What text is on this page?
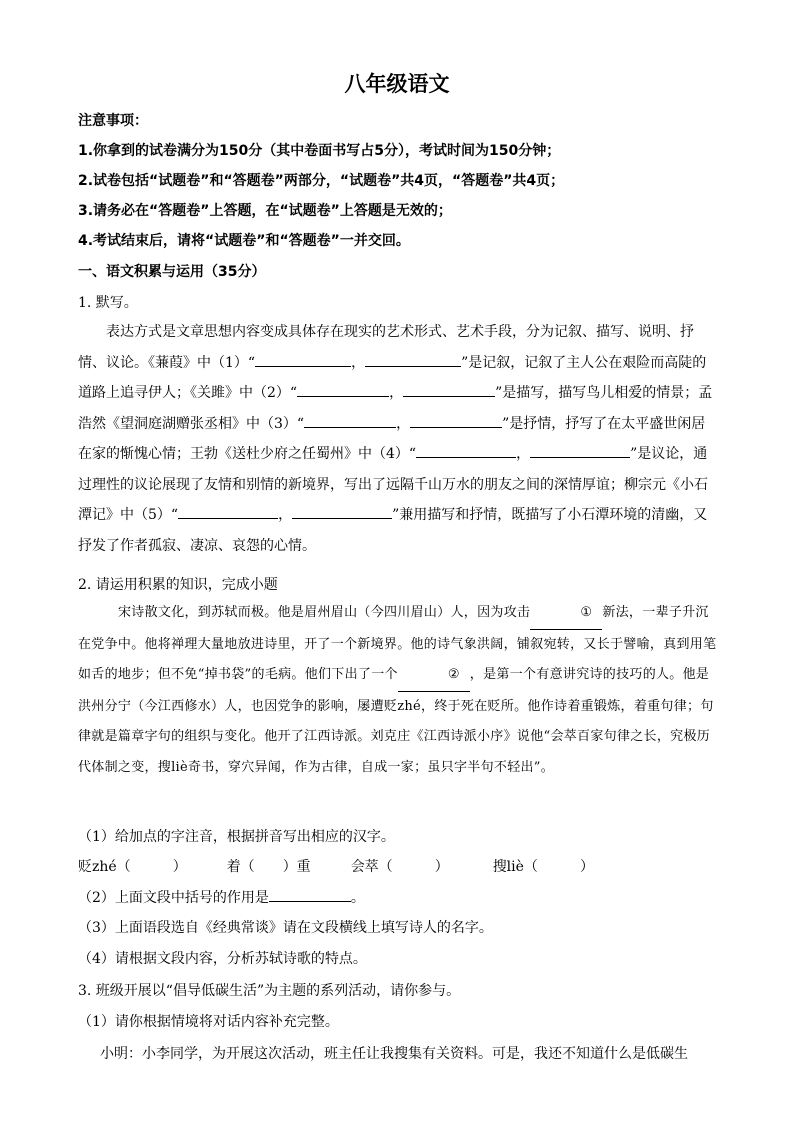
八年级语文
注意事项：
1.你拿到的试卷满分为150分（其中卷面书写占5分），考试时间为150分钟；
2.试卷包括“试题卷”和“答题卷”两部分，“试题卷”共4页，“答题卷”共4页；
3.请务必在“答题卷”上答题，在“试题卷”上答题是无效的；
4.考试结束后，请将“试题卷”和“答题卷”一并交回。
一、语文积累与运用（35分）
1. 默写。
表达方式是文章思想内容变成具体存在现实的艺术形式、艺术手段，分为记叙、描写、说明、抒情、议论。《蒹葭》中（1）“	，	”是记叙，记叙了主人公在艰险而高陡的道路上追寻伊人；《关雎》中（2）“	，	”是描写，描写鸟儿相爱的情景；孟浩然《望洞庭湖赠张丞相》中（3）“	，	”是抒情，抒写了在太平盛世闲居在家的惭愧心情；王勃《送杜少府之任蜀州》中（4）“	，	”是议论，通过理性的议论展现了友情和别情的新境界，写出了远隔千山万水的朋友之间的深情厚谊；柳宗元《小石潭记》中（5）“	，	”兼用描写和抒情，既描写了小石潭环境的清幽，又抒发了作者孤寂、凄凉、哀怨的心情。
2. 请运用积累的知识，完成小题
宋诗散文化，到苏轼而极。他是眉州眉山（今四川眉山）人，因为攻击	① 新法，一辈子升沉在党争中。他将禅理大量地放进诗里，开了一个新境界。他的诗气象洪阔，铺叙宛转，又长于譬喻，真到用笔如舌的地步；但不免“掉书袋”的毛病。他们下出了一个	② ，是第一个有意讲究诗的技巧的人。他是洪州分宁（今江西修水）人，也因党争的影响，屡遭贬zhé，终于死在贬所。他作诗着重锻炼，着重句律；句律就是篇章字句的组织与变化。他开了江西诗派。刘克庄《江西诗派小序》说他“会萃百家句律之长，究极历代体制之变，搜liè奇书，穿穴异闻，作为古律，自成一家；虽只字半句不轻出”。
（1）给加点的字注音，根据拼音写出相应的汉字。
贬zhé（	）	着（ ）重	会萃（	）	搜liè（	）
（2）上面文段中括号的作用是	。
（3）上面语段选自《经典常谈》请在文段横线上填写诗人的名字。
（4）请根据文段内容，分析苏轼诗歌的特点。
3. 班级开展以“倡导低碳生活”为主题的系列活动，请你参与。
（1）请你根据情境将对话内容补充完整。
小明：小李同学，为开展这次活动，班主任让我搜集有关资料。可是，我还不知道什么是低碳生
